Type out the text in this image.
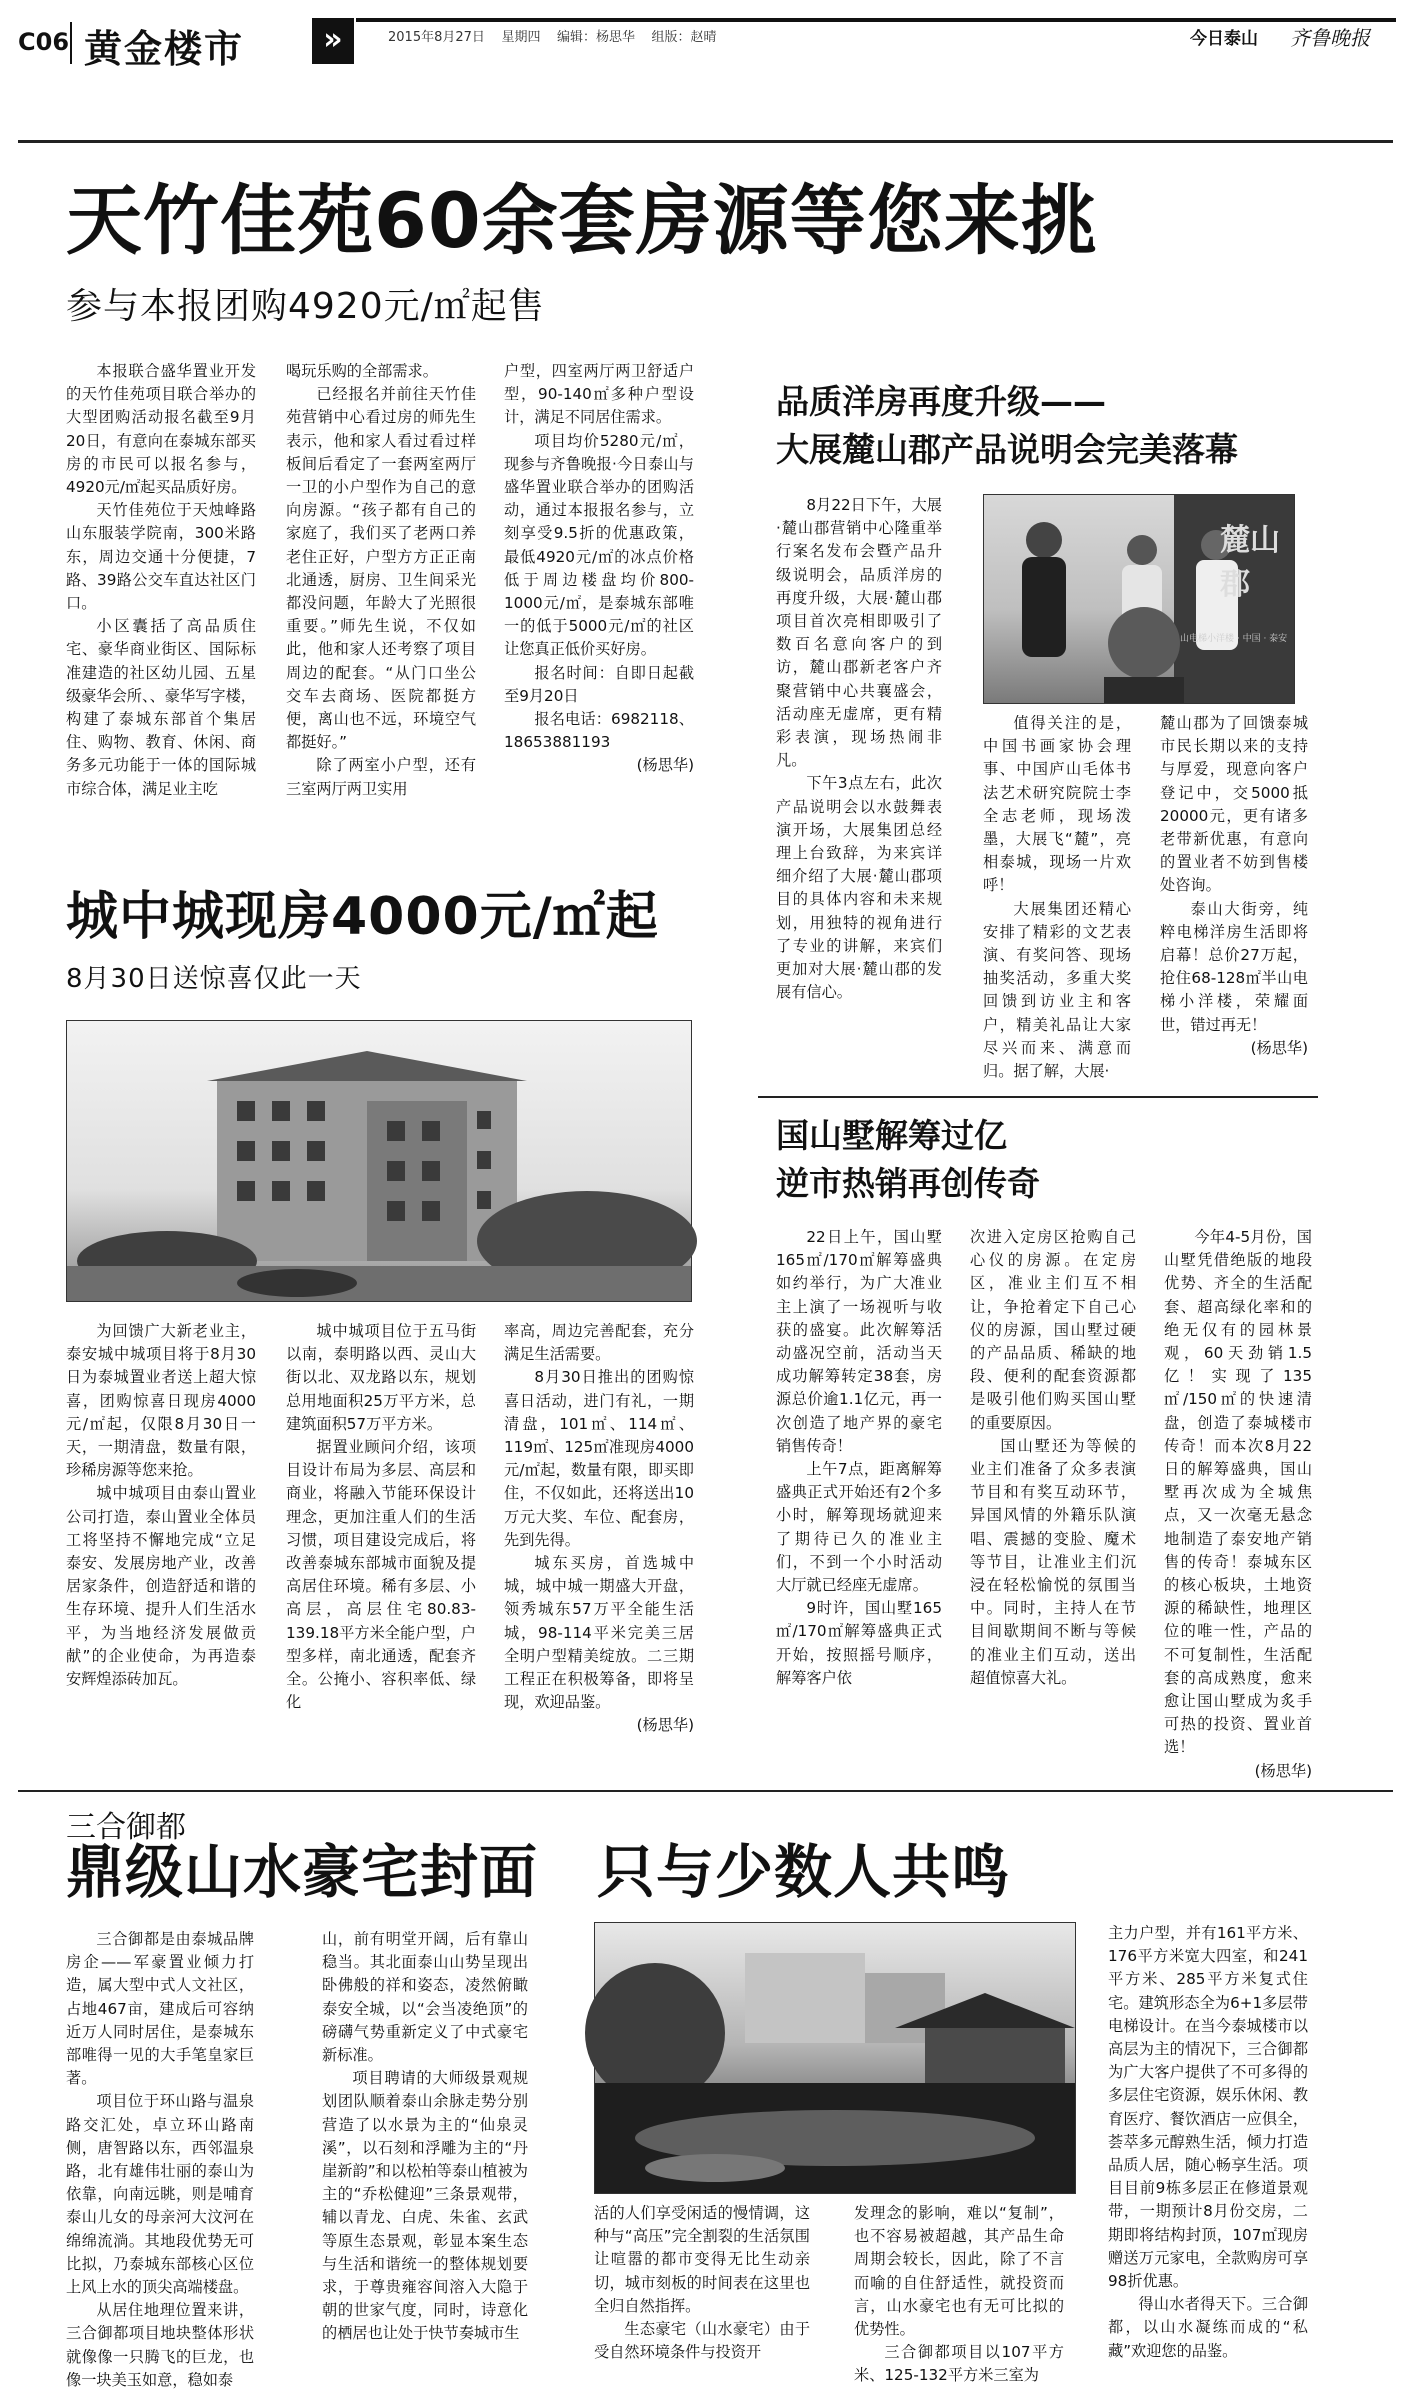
C06 黄金楼市	»	2015年8月27日 星期四 编辑：杨思华 组版：赵晴	今日泰山 齐鲁晚报
天竹佳苑60余套房源等您来挑
参与本报团购4920元/㎡起售

本报联合盛华置业开发的天竹佳苑项目联合举办的大型团购活动报名截至9月20日，有意向在泰城东部买房的市民可以报名参与，4920元/㎡起买品质好房。

天竹佳苑位于天烛峰路山东服装学院南，300米路东，周边交通十分便捷，7路、39路公交车直达社区门口。

小区囊括了高品质住宅、豪华商业街区、国际标准建造的社区幼儿园、五星级豪华会所、、豪华写字楼，构建了泰城东部首个集居住、购物、教育、休闲、商务多元功能于一体的国际城市综合体，满足业主吃

喝玩乐购的全部需求。

已经报名并前往天竹佳苑营销中心看过房的师先生表示，他和家人看过看过样板间后看定了一套两室两厅一卫的小户型作为自己的意向房源。“孩子都有自己的家庭了，我们买了老两口养老住正好，户型方方正正南北通透，厨房、卫生间采光都没问题，年龄大了光照很重要。”师先生说，不仅如此，他和家人还考察了项目周边的配套。“从门口坐公交车去商场、医院都挺方便，离山也不远，环境空气都挺好。”

除了两室小户型，还有三室两厅两卫实用

户型，四室两厅两卫舒适户型，90-140㎡多种户型设计，满足不同居住需求。

项目均价5280元/㎡，现参与齐鲁晚报·今日泰山与盛华置业联合举办的团购活动，通过本报报名参与，立刻享受9.5折的优惠政策，最低4920元/㎡的冰点价格低于周边楼盘均价800-1000元/㎡，是泰城东部唯一的低于5000元/㎡的社区让您真正低价买好房。

报名时间：自即日起截至9月20日

报名电话：6982118、18653881193

(杨思华)

品质洋房再度升级——
大展麓山郡产品说明会完美落幕

8月22日下午，大展·麓山郡营销中心隆重举行案名发布会暨产品升级说明会，品质洋房的再度升级，大展·麓山郡项目首次亮相即吸引了数百名意向客户的到访，麓山郡新老客户齐聚营销中心共襄盛会，活动座无虚席，更有精彩表演，现场热闹非凡。

下午3点左右，此次产品说明会以水鼓舞表演开场，大展集团总经理上台致辞，为来宾详细介绍了大展·麓山郡项目的具体内容和未来规划，用独特的视角进行了专业的讲解，来宾们更加对大展·麓山郡的发展有信心。

麓山郡
山电梯小洋楼 · 中国 · 泰安

值得关注的是，中国书画家协会理事、中国庐山毛体书法艺术研究院院士李全志老师，现场泼墨，大展飞“麓”，亮相泰城，现场一片欢呼！

大展集团还精心安排了精彩的文艺表演、有奖问答、现场抽奖活动，多重大奖回馈到访业主和客户，精美礼品让大家尽兴而来、满意而归。据了解，大展·

麓山郡为了回馈泰城市民长期以来的支持与厚爱，现意向客户登记中，交5000抵20000元，更有诸多老带新优惠，有意向的置业者不妨到售楼处咨询。

泰山大街旁，纯粹电梯洋房生活即将启幕！总价27万起，抢住68-128㎡半山电梯小洋楼，荣耀面世，错过再无！

(杨思华)

城中城现房4000元/㎡起
8月30日送惊喜仅此一天

为回馈广大新老业主，泰安城中城项目将于8月30日为泰城置业者送上超大惊喜，团购惊喜日现房4000元/㎡起，仅限8月30日一天，一期清盘，数量有限，珍稀房源等您来抢。

城中城项目由泰山置业公司打造，泰山置业全体员工将坚持不懈地完成“立足泰安、发展房地产业，改善居家条件，创造舒适和谐的生存环境、提升人们生活水平，为当地经济发展做贡献”的企业使命，为再造泰安辉煌添砖加瓦。

城中城项目位于五马街以南，泰明路以西、灵山大街以北、双龙路以东，规划总用地面积25万平方米，总建筑面积57万平方米。

据置业顾问介绍，该项目设计布局为多层、高层和商业，将融入节能环保设计理念，更加注重人们的生活习惯，项目建设完成后，将改善泰城东部城市面貌及提高居住环境。稀有多层、小高层，高层住宅80.83-139.18平方米全能户型，户型多样，南北通透，配套齐全。公掩小、容积率低、绿化

率高，周边完善配套，充分满足生活需要。

8月30日推出的团购惊喜日活动，进门有礼，一期清盘，101㎡、114㎡、119㎡、125㎡准现房4000元/㎡起，数量有限，即买即住，不仅如此，还将送出10万元大奖、车位、配套房，先到先得。

城东买房，首选城中城，城中城一期盛大开盘，领秀城东57万平全能生活城，98-114平米完美三居全明户型精美绽放。二三期工程正在积极筹备，即将呈现，欢迎品鉴。

(杨思华)

国山墅解筹过亿
逆市热销再创传奇

22日上午，国山墅165㎡/170㎡解筹盛典如约举行，为广大准业主上演了一场视听与收获的盛宴。此次解筹活动盛况空前，活动当天成功解筹转定38套，房源总价逾1.1亿元，再一次创造了地产界的豪宅销售传奇！

上午7点，距离解筹盛典正式开始还有2个多小时，解筹现场就迎来了期待已久的准业主们，不到一个小时活动大厅就已经座无虚席。

9时许，国山墅165㎡/170㎡解筹盛典正式开始，按照摇号顺序，解筹客户依

次进入定房区抢购自己心仪的房源。在定房区，准业主们互不相让，争抢着定下自己心仪的房源，国山墅过硬的产品品质、稀缺的地段、便利的配套资源都是吸引他们购买国山墅的重要原因。

国山墅还为等候的业主们准备了众多表演节目和有奖互动环节，异国风情的外籍乐队演唱、震撼的变脸、魔术等节目，让准业主们沉浸在轻松愉悦的氛围当中。同时，主持人在节目间歇期间不断与等候的准业主们互动，送出超值惊喜大礼。

今年4-5月份，国山墅凭借绝版的地段优势、齐全的生活配套、超高绿化率和的绝无仅有的园林景观，60天劲销1.5亿！实现了135㎡/150㎡的快速清盘，创造了泰城楼市传奇！而本次8月22日的解筹盛典，国山墅再次成为全城焦点，又一次毫无悬念地制造了泰安地产销售的传奇！泰城东区的核心板块，土地资源的稀缺性，地理区位的唯一性，产品的不可复制性，生活配套的高成熟度，愈来愈让国山墅成为炙手可热的投资、置业首选！

(杨思华)

三合御都
鼎级山水豪宅封面　只与少数人共鸣

三合御都是由泰城品牌房企——军豪置业倾力打造，属大型中式人文社区，占地467亩，建成后可容纳近万人同时居住，是泰城东部唯得一见的大手笔皇家巨著。

项目位于环山路与温泉路交汇处，卓立环山路南侧，唐智路以东，西邻温泉路，北有雄伟壮丽的泰山为依靠，向南远眺，则是哺育泰山儿女的母亲河大汶河在绵绵流淌。其地段优势无可比拟，乃泰城东部核心区位上风上水的顶尖高端楼盘。

从居住地理位置来讲，三合御都项目地块整体形状就像像一只腾飞的巨龙，也像一块美玉如意，稳如泰

山，前有明堂开阔，后有靠山稳当。其北面泰山山势呈现出卧佛般的祥和姿态，凌然俯瞰泰安全城，以“会当凌绝顶”的磅礴气势重新定义了中式豪宅新标准。

项目聘请的大师级景观规划团队顺着泰山余脉走势分别营造了以水景为主的“仙泉灵溪”，以石刻和浮雕为主的“丹崖新韵”和以松柏等泰山植被为主的“乔松健迎”三条景观带，辅以青龙、白虎、朱雀、玄武等原生态景观，彰显本案生态与生活和谐统一的整体规划要求，于尊贵雍容间溶入大隐于朝的世家气度，同时，诗意化的栖居也让处于快节奏城市生

活的人们享受闲适的慢情调，这种与“高压”完全割裂的生活氛围让喧嚣的都市变得无比生动亲切，城市刻板的时间表在这里也全归自然指挥。

生态豪宅（山水豪宅）由于受自然环境条件与投资开

发理念的影响，难以“复制”，也不容易被超越，其产品生命周期会较长，因此，除了不言而喻的自住舒适性，就投资而言，山水豪宅也有无可比拟的优势性。

三合御都项目以107平方米、125-132平方米三室为

主力户型，并有161平方米、176平方米宽大四室，和241平方米、285平方米复式住宅。建筑形态全为6+1多层带电梯设计。在当今泰城楼市以高层为主的情况下，三合御都为广大客户提供了不可多得的多层住宅资源，娱乐休闲、教育医疗、餐饮酒店一应俱全，荟萃多元醇熟生活，倾力打造品质人居，随心畅享生活。项目目前9栋多层正在修道景观带，一期预计8月份交房，二期即将结构封顶，107㎡现房赠送万元家电，全款购房可享98折优惠。

得山水者得天下。三合御都，以山水凝练而成的“私藏”欢迎您的品鉴。
